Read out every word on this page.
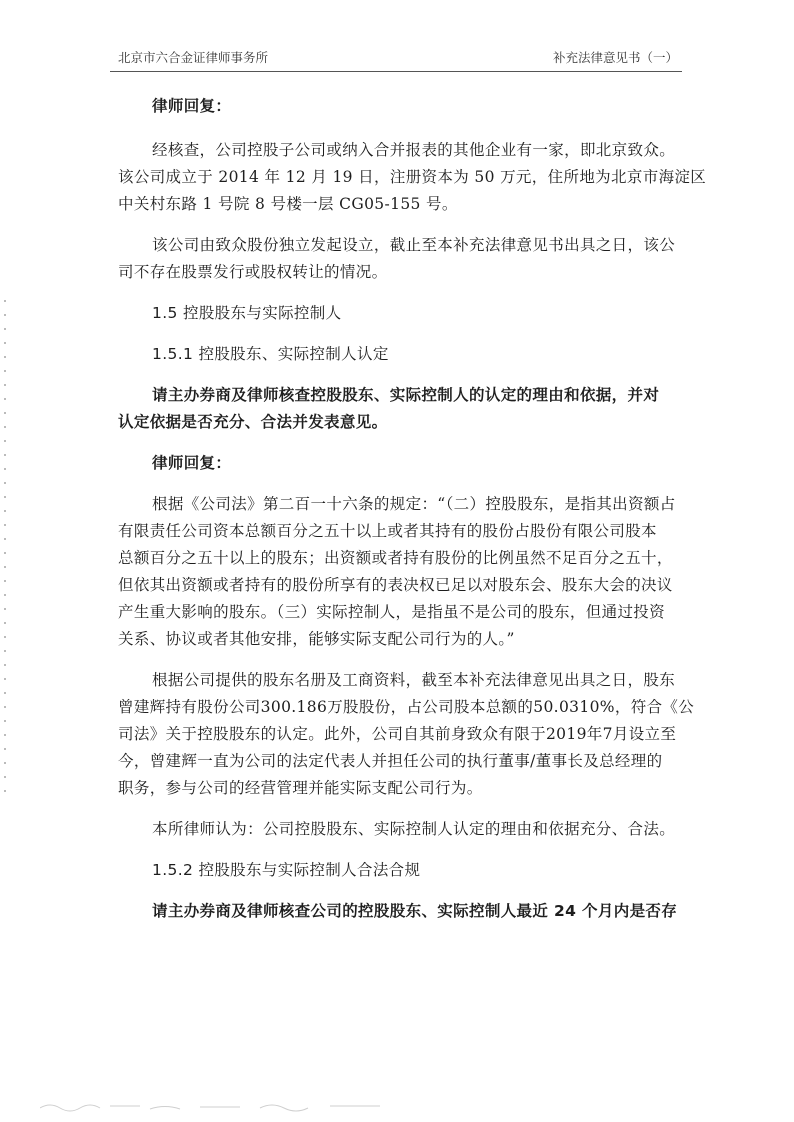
北京市六合金证律师事务所	补充法律意见书（一）
律师回复：
经核查，公司控股子公司或纳入合并报表的其他企业有一家，即北京致众。
该公司成立于 2014 年 12 月 19 日，注册资本为 50 万元，住所地为北京市海淀区
中关村东路 1 号院 8 号楼一层 CG05-155 号。
该公司由致众股份独立发起设立，截止至本补充法律意见书出具之日，该公
司不存在股票发行或股权转让的情况。
1.5 控股股东与实际控制人
1.5.1 控股股东、实际控制人认定
请主办券商及律师核查控股股东、实际控制人的认定的理由和依据，并对
认定依据是否充分、合法并发表意见。
律师回复：
根据《公司法》第二百一十六条的规定：“（二）控股股东，是指其出资额占
有限责任公司资本总额百分之五十以上或者其持有的股份占股份有限公司股本
总额百分之五十以上的股东；出资额或者持有股份的比例虽然不足百分之五十，
但依其出资额或者持有的股份所享有的表决权已足以对股东会、股东大会的决议
产生重大影响的股东。（三）实际控制人，是指虽不是公司的股东，但通过投资
关系、协议或者其他安排，能够实际支配公司行为的人。”
根据公司提供的股东名册及工商资料，截至本补充法律意见出具之日，股东
曾建辉持有股份公司300.186万股股份，占公司股本总额的50.0310%，符合《公
司法》关于控股股东的认定。此外，公司自其前身致众有限于2019年7月设立至
今，曾建辉一直为公司的法定代表人并担任公司的执行董事/董事长及总经理的
职务，参与公司的经营管理并能实际支配公司行为。
本所律师认为：公司控股股东、实际控制人认定的理由和依据充分、合法。
1.5.2 控股股东与实际控制人合法合规
请主办券商及律师核查公司的控股股东、实际控制人最近 24 个月内是否存
